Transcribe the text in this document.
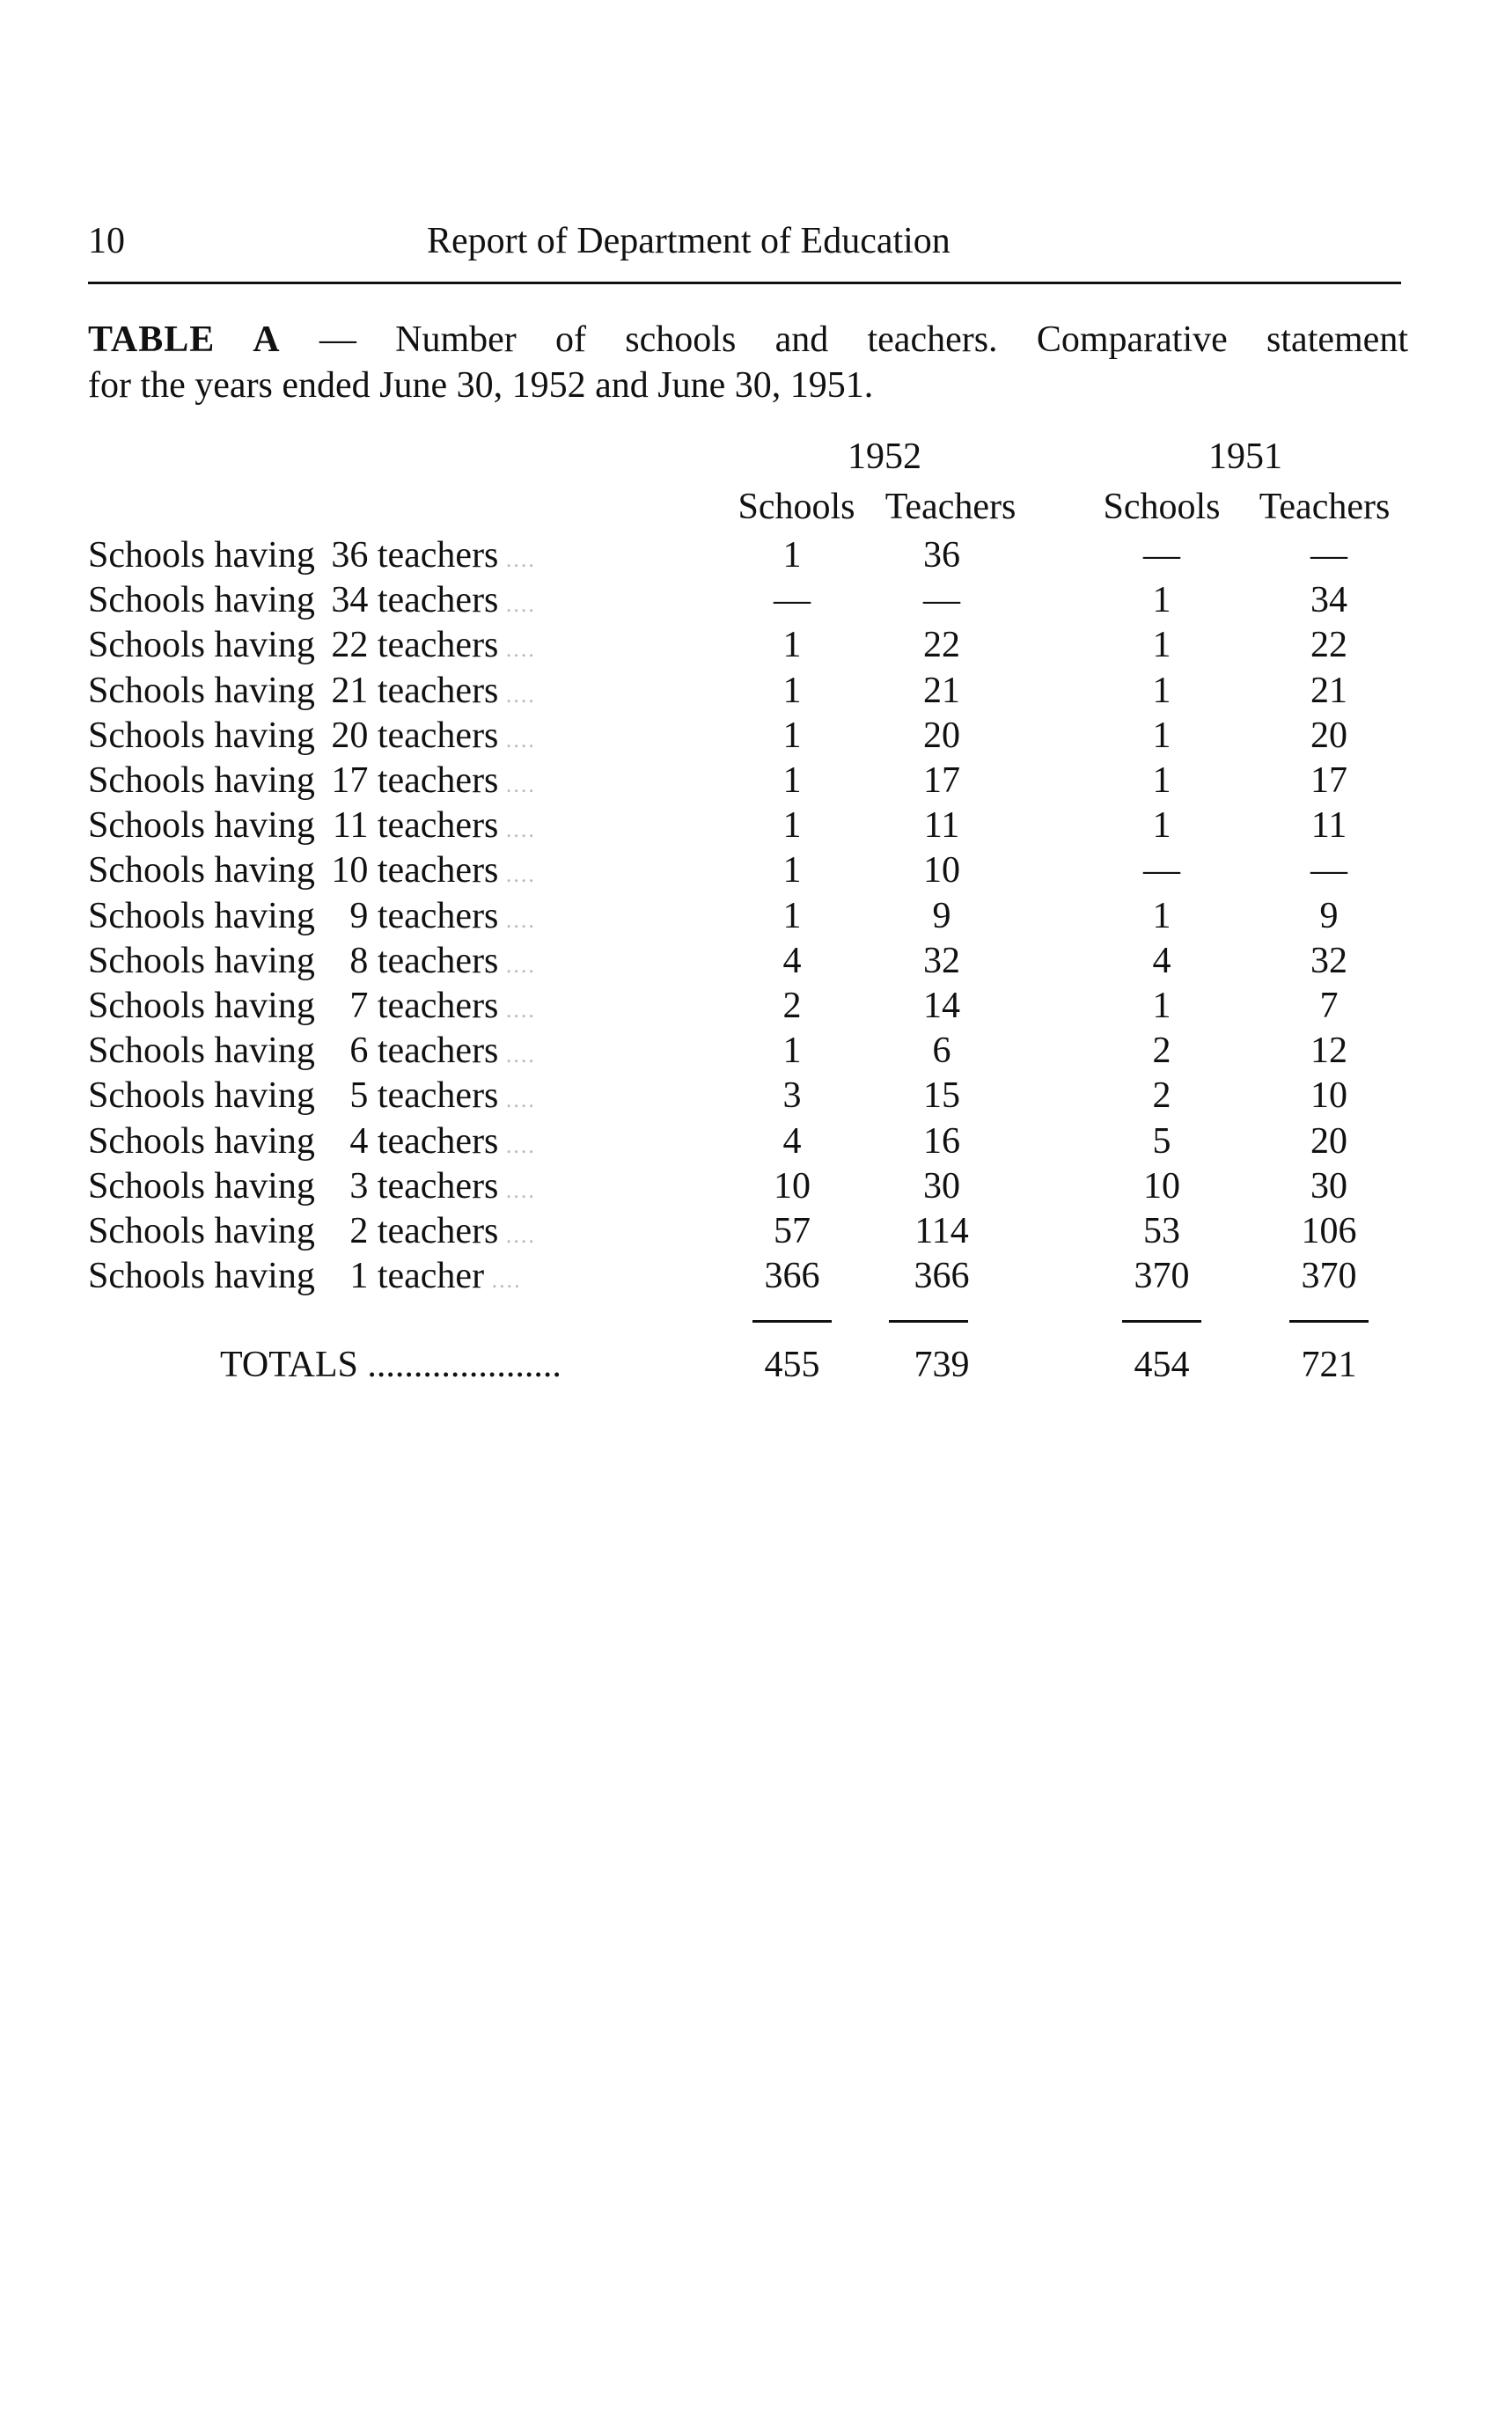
10	Report of Department of Education
TABLE A — Number of schools and teachers. Comparative statement
for the years ended June 30, 1952 and June 30, 1951.
1952	1951
Schools Teachers	Schools	Teachers
Schools having 36 teachers ....	1	36	—	—
Schools having 34 teachers ....	—	—	1	34
Schools having 22 teachers ....	1	22	1	22
Schools having 21 teachers ....	1	21	1	21
Schools having 20 teachers ....	1	20	1	20
Schools having 17 teachers ....	1	17	1	17
Schools having 11 teachers ....	1	11	1	11
Schools having 10 teachers ....	1	10	—	—
Schools having 9 teachers ....	1	9	1	9
Schools having 8 teachers ....	4	32	4	32
Schools having 7 teachers ....	2	14	1	7
Schools having 6 teachers ....	1	6	2	12
Schools having 5 teachers ....	3	15	2	10
Schools having 4 teachers ....	4	16	5	20
Schools having 3 teachers ....	10	30	10	30
Schools having 2 teachers ....	57	114	53	106
Schools having 1 teacher ....	366	366	370	370
TOTALS .....................	455	739	454	721
